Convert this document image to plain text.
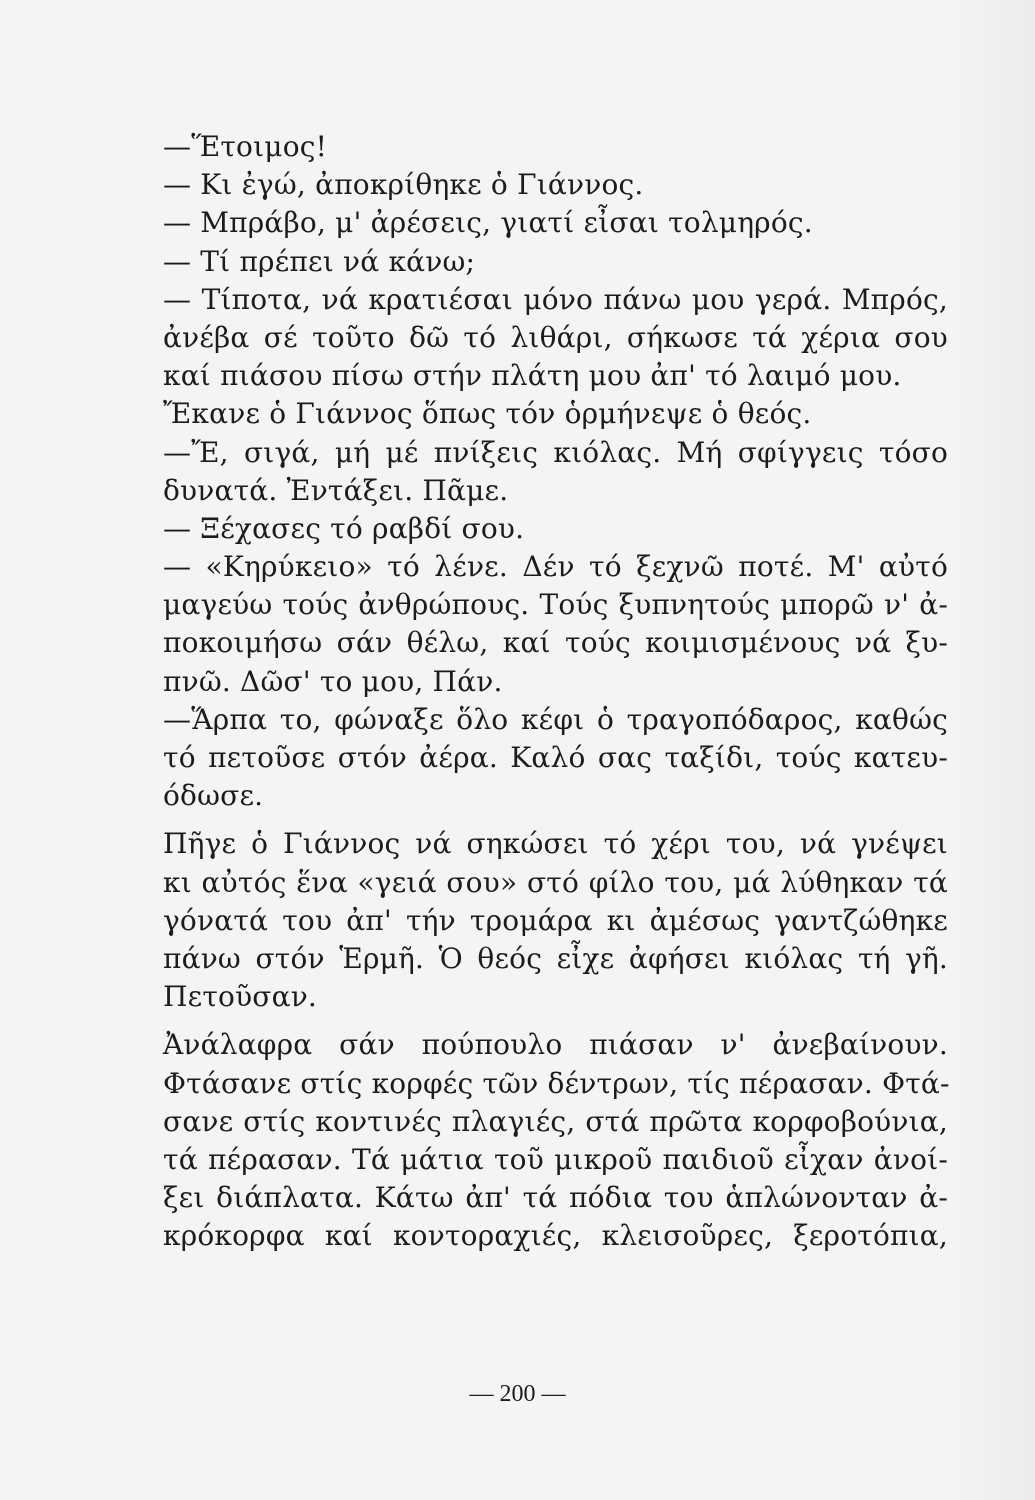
—Ἕτοιμος!
— Κι ἐγώ, ἀποκρίθηκε ὁ Γιάννος.
— Μπράβο, μ' ἀρέσεις, γιατί εἶσαι τολμηρός.
— Τί πρέπει νά κάνω;
— Τίποτα, νά κρατιέσαι μόνο πάνω μου γερά. Μπρός,
ἀνέβα σέ τοῦτο δῶ τό λιθάρι, σήκωσε τά χέρια σου
καί πιάσου πίσω στήν πλάτη μου ἀπ' τό λαιμό μου.
Ἔκανε ὁ Γιάννος ὅπως τόν ὁρμήνεψε ὁ θεός.
—Ἔ, σιγά, μή μέ πνίξεις κιόλας. Μή σφίγγεις τόσο
δυνατά. Ἐντάξει. Πᾶμε.
— Ξέχασες τό ραβδί σου.
— «Κηρύκειο» τό λένε. Δέν τό ξεχνῶ ποτέ. Μ' αὐτό
μαγεύω τούς ἀνθρώπους. Τούς ξυπνητούς μπορῶ ν' ἀ-
ποκοιμήσω σάν θέλω, καί τούς κοιμισμένους νά ξυ-
πνῶ. Δῶσ' το μου, Πάν.
—Ἅρπα το, φώναξε ὅλο κέφι ὁ τραγοπόδαρος, καθώς
τό πετοῦσε στόν ἀέρα. Καλό σας ταξίδι, τούς κατευ-
όδωσε.
Πῆγε ὁ Γιάννος νά σηκώσει τό χέρι του, νά γνέψει
κι αὐτός ἕνα «γειά σου» στό φίλο του, μά λύθηκαν τά
γόνατά του ἀπ' τήν τρομάρα κι ἀμέσως γαντζώθηκε
πάνω στόν Ἑρμῆ. Ὁ θεός εἶχε ἀφήσει κιόλας τή γῆ.
Πετοῦσαν.
Ἀνάλαφρα σάν πούπουλο πιάσαν ν' ἀνεβαίνουν.
Φτάσανε στίς κορφές τῶν δέντρων, τίς πέρασαν. Φτά-
σανε στίς κοντινές πλαγιές, στά πρῶτα κορφοβούνια,
τά πέρασαν. Τά μάτια τοῦ μικροῦ παιδιοῦ εἶχαν ἀνοί-
ξει διάπλατα. Κάτω ἀπ' τά πόδια του ἁπλώνονταν ἀ-
κρόκορφα καί κοντοραχιές, κλεισοῦρες, ξεροτόπια,
— 200 —
